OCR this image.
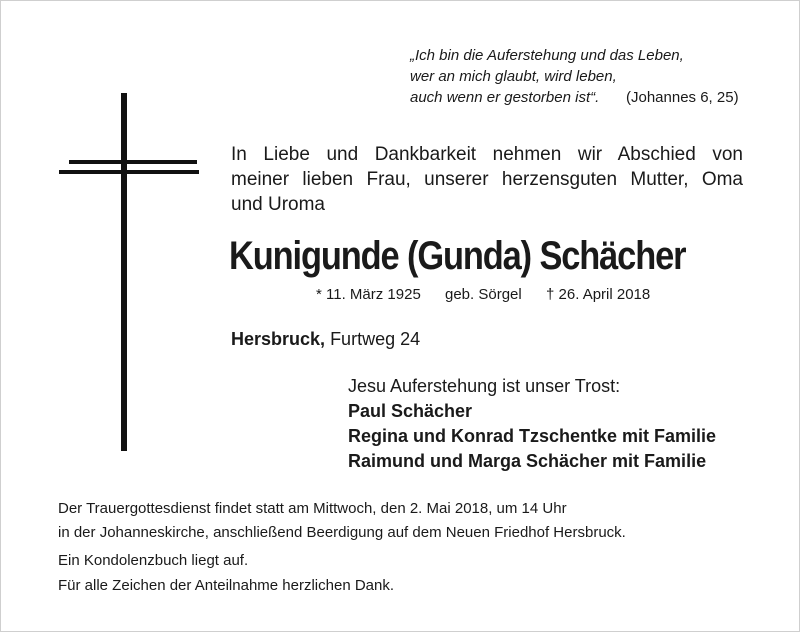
„Ich bin die Auferstehung und das Leben,
wer an mich glaubt, wird leben,
auch wenn er gestorben ist“.	(Johannes 6, 25)
In Liebe und Dankbarkeit nehmen wir Abschied von
meiner lieben Frau, unserer herzensguten Mutter, Oma
und Uroma
Kunigunde (Gunda) Schächer
* 11. März 1925 geb. Sörgel † 26. April 2018
Hersbruck, Furtweg 24
Jesu Auferstehung ist unser Trost:
Paul Schächer
Regina und Konrad Tzschentke mit Familie
Raimund und Marga Schächer mit Familie
Der Trauergottesdienst findet statt am Mittwoch, den 2. Mai 2018, um 14 Uhr
in der Johanneskirche, anschließend Beerdigung auf dem Neuen Friedhof Hersbruck.
Ein Kondolenzbuch liegt auf.
Für alle Zeichen der Anteilnahme herzlichen Dank.
